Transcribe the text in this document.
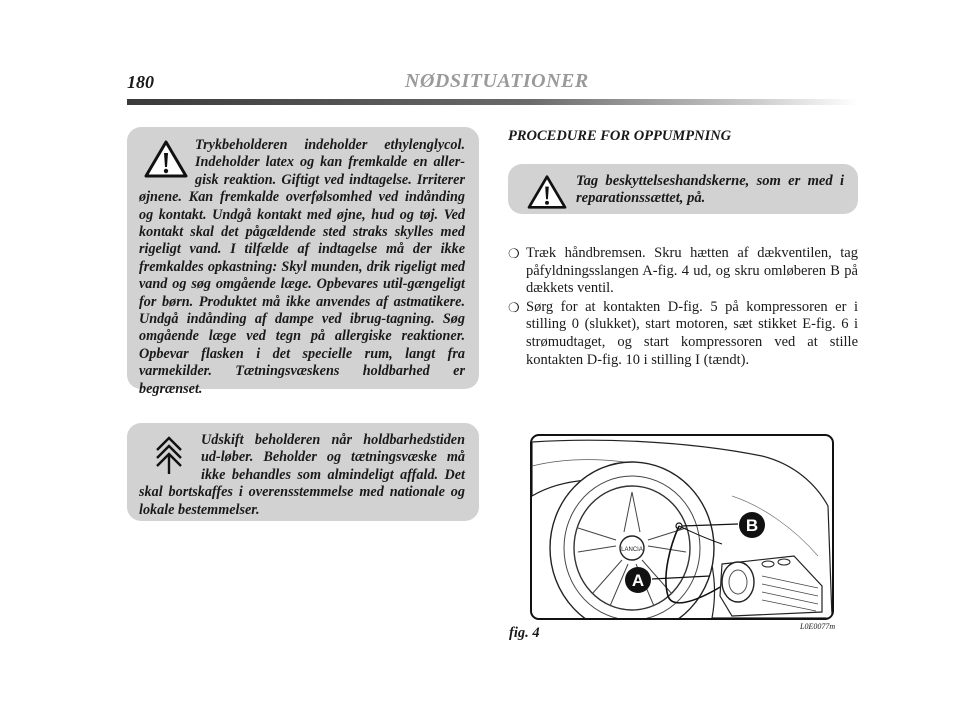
180	NØDSITUATIONER
Trykbeholderen indeholder ethylenglycol. Indeholder latex og kan fremkalde en aller-gisk reaktion. Giftigt ved indtagelse. Irriterer øjnene. Kan fremkalde overfølsomhed ved indånding og kontakt. Undgå kontakt med øjne, hud og tøj. Ved kontakt skal det pågældende sted straks skylles med rigeligt vand. I tilfælde af indtagelse må der ikke fremkaldes opkastning: Skyl munden, drik rigeligt med vand og søg omgående læge. Opbevares util-gængeligt for børn. Produktet må ikke anvendes af astmatikere. Undgå indånding af dampe ved ibrug-tagning. Søg omgående læge ved tegn på allergiske reaktioner. Opbevar flasken i det specielle rum, langt fra varmekilder. Tætningsvæskens holdbarhed er begrænset.
Udskift beholderen når holdbarhedstiden ud-løber. Beholder og tætningsvæske må ikke behandles som almindeligt affald. Det skal bortskaffes i overensstemmelse med nationale og lokale bestemmelser.
PROCEDURE FOR OPPUMPNING
Tag beskyttelseshandskerne, som er med i reparationssættet, på.
❍ Træk håndbremsen. Skru hætten af dækventilen, tag påfyldningsslangen A-fig. 4 ud, og skru omløberen B på dækkets ventil.
❍ Sørg for at kontakten D-fig. 5 på kompressoren er i stilling 0 (slukket), start motoren, sæt stikket E-fig. 6 i strømudtaget, og start kompressoren ved at stille kontakten D-fig. 10 i stilling I (tændt).
LANCIA
B
A
fig. 4	L0E0077m
